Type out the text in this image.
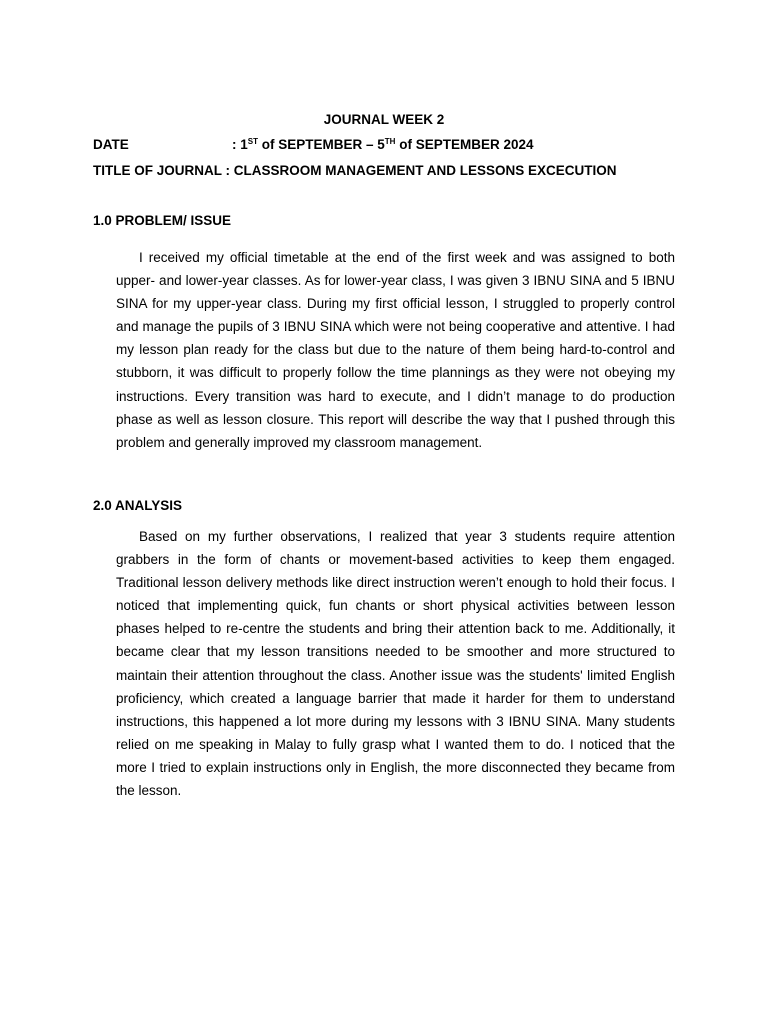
JOURNAL WEEK 2
DATE	: 1ST of SEPTEMBER – 5TH of SEPTEMBER 2024
TITLE OF JOURNAL : CLASSROOM MANAGEMENT AND LESSONS EXCECUTION
1.0 PROBLEM/ ISSUE

I received my official timetable at the end of the first week and was assigned to both upper- and lower-year classes. As for lower-year class, I was given 3 IBNU SINA and 5 IBNU SINA for my upper-year class. During my first official lesson, I struggled to properly control and manage the pupils of 3 IBNU SINA which were not being cooperative and attentive. I had my lesson plan ready for the class but due to the nature of them being hard-to-control and stubborn, it was difficult to properly follow the time plannings as they were not obeying my instructions. Every transition was hard to execute, and I didn’t manage to do production phase as well as lesson closure. This report will describe the way that I pushed through this problem and generally improved my classroom management.

2.0 ANALYSIS

Based on my further observations, I realized that year 3 students require attention grabbers in the form of chants or movement-based activities to keep them engaged. Traditional lesson delivery methods like direct instruction weren’t enough to hold their focus. I noticed that implementing quick, fun chants or short physical activities between lesson phases helped to re-centre the students and bring their attention back to me. Additionally, it became clear that my lesson transitions needed to be smoother and more structured to maintain their attention throughout the class. Another issue was the students' limited English proficiency, which created a language barrier that made it harder for them to understand instructions, this happened a lot more during my lessons with 3 IBNU SINA. Many students relied on me speaking in Malay to fully grasp what I wanted them to do. I noticed that the more I tried to explain instructions only in English, the more disconnected they became from the lesson.
